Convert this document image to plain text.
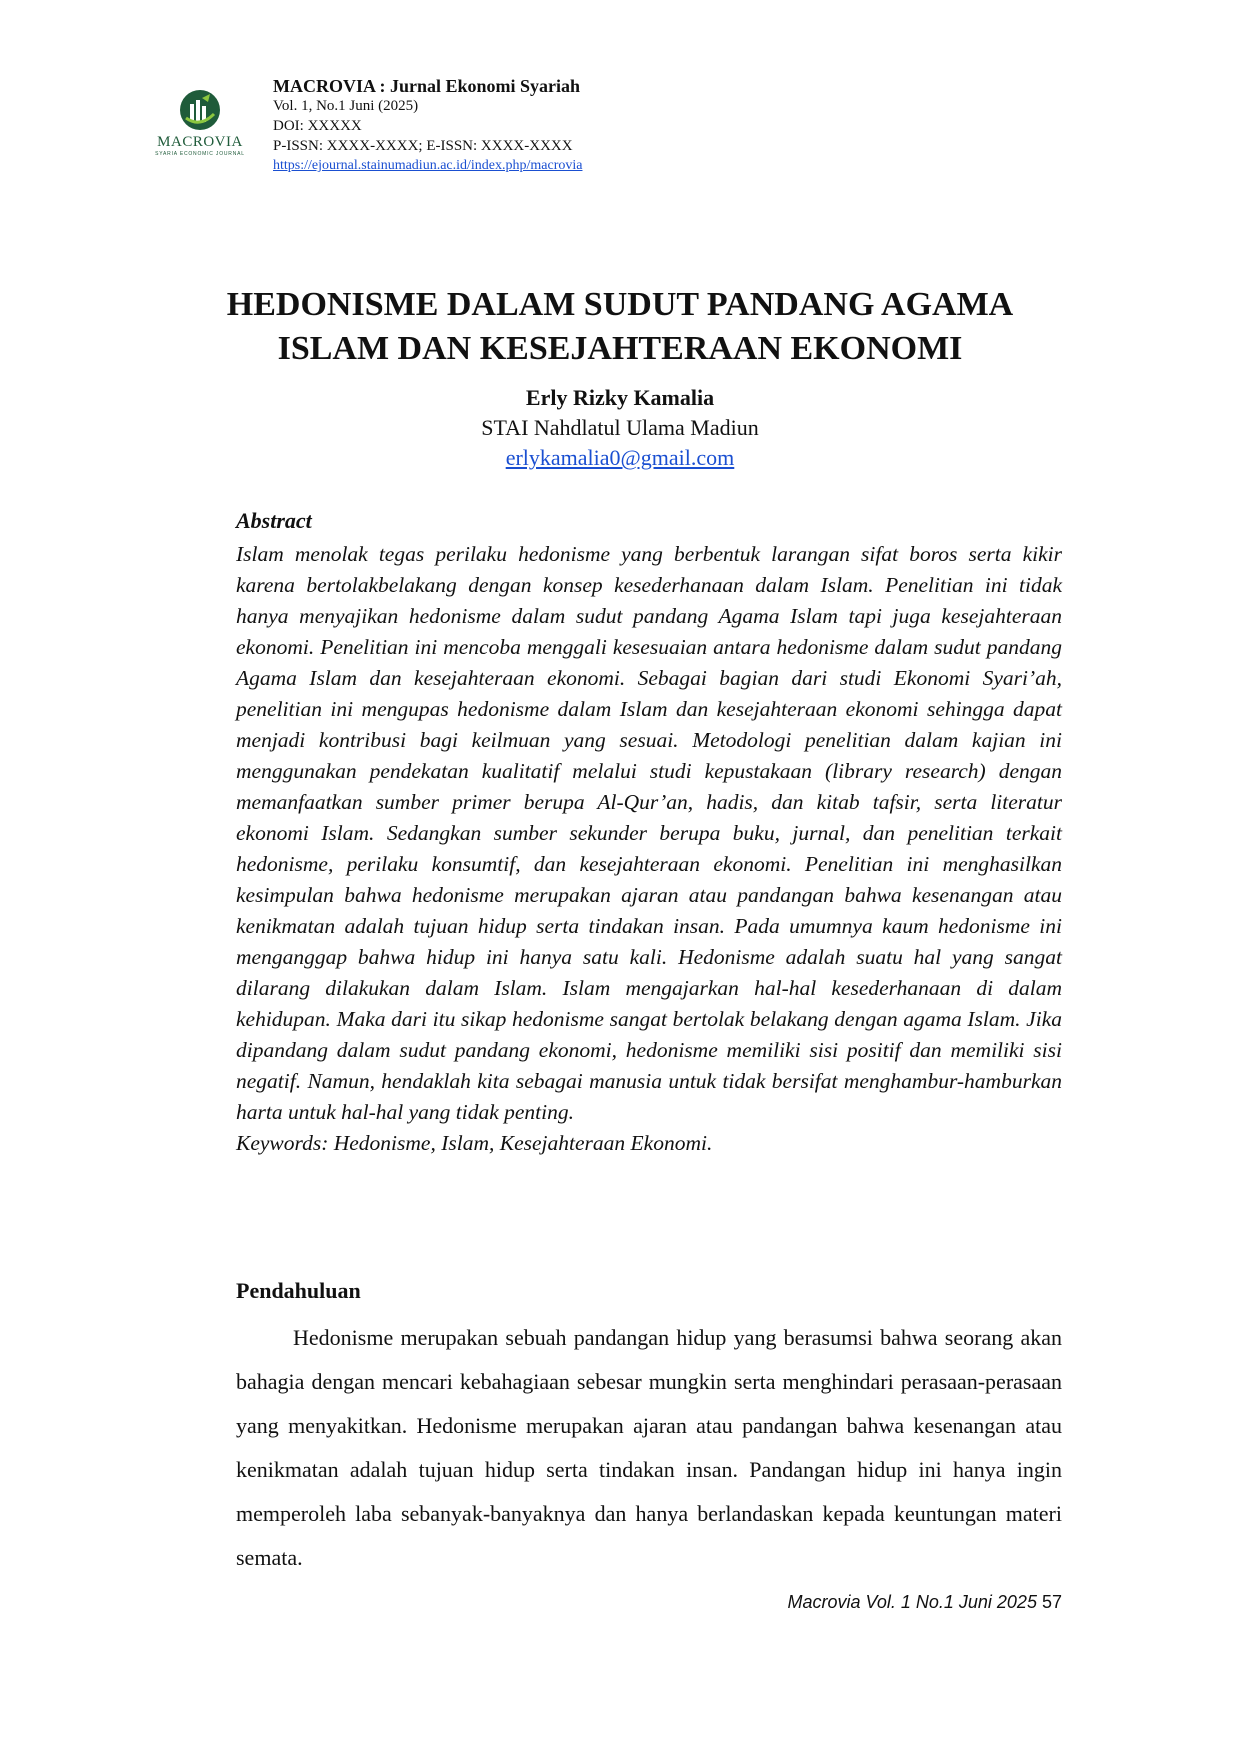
MACROVIA
SYARIA ECONOMIC JOURNAL
MACROVIA : Jurnal Ekonomi Syariah
Vol. 1, No.1 Juni (2025)
DOI: XXXXX
P-ISSN: XXXX-XXXX; E-ISSN: XXXX-XXXX
https://ejournal.stainumadiun.ac.id/index.php/macrovia
HEDONISME DALAM SUDUT PANDANG AGAMA
ISLAM DAN KESEJAHTERAAN EKONOMI
Erly Rizky Kamalia
STAI Nahdlatul Ulama Madiun
erlykamalia0@gmail.com

Abstract

Islam menolak tegas perilaku hedonisme yang berbentuk larangan sifat boros serta kikir karena bertolakbelakang dengan konsep kesederhanaan dalam Islam. Penelitian ini tidak hanya menyajikan hedonisme dalam sudut pandang Agama Islam tapi juga kesejahteraan ekonomi. Penelitian ini mencoba menggali kesesuaian antara hedonisme dalam sudut pandang Agama Islam dan kesejahteraan ekonomi. Sebagai bagian dari studi Ekonomi Syari’ah, penelitian ini mengupas hedonisme dalam Islam dan kesejahteraan ekonomi sehingga dapat menjadi kontribusi bagi keilmuan yang sesuai. Metodologi penelitian dalam kajian ini menggunakan pendekatan kualitatif melalui studi kepustakaan (library research) dengan memanfaatkan sumber primer berupa Al-Qur’an, hadis, dan kitab tafsir, serta literatur ekonomi Islam. Sedangkan sumber sekunder berupa buku, jurnal, dan penelitian terkait hedonisme, perilaku konsumtif, dan kesejahteraan ekonomi. Penelitian ini menghasilkan kesimpulan bahwa hedonisme merupakan ajaran atau pandangan bahwa kesenangan atau kenikmatan adalah tujuan hidup serta tindakan insan. Pada umumnya kaum hedonisme ini menganggap bahwa hidup ini hanya satu kali. Hedonisme adalah suatu hal yang sangat dilarang dilakukan dalam Islam. Islam mengajarkan hal-hal kesederhanaan di dalam kehidupan. Maka dari itu sikap hedonisme sangat bertolak belakang dengan agama Islam. Jika dipandang dalam sudut pandang ekonomi, hedonisme memiliki sisi positif dan memiliki sisi negatif. Namun, hendaklah kita sebagai manusia untuk tidak bersifat menghambur-hamburkan harta untuk hal-hal yang tidak penting.

Keywords: Hedonisme, Islam, Kesejahteraan Ekonomi.

Pendahuluan

Hedonisme merupakan sebuah pandangan hidup yang berasumsi bahwa seorang akan bahagia dengan mencari kebahagiaan sebesar mungkin serta menghindari perasaan-perasaan yang menyakitkan. Hedonisme merupakan ajaran atau pandangan bahwa kesenangan atau kenikmatan adalah tujuan hidup serta tindakan insan. Pandangan hidup ini hanya ingin memperoleh laba sebanyak-banyaknya dan hanya berlandaskan kepada keuntungan materi semata.

Macrovia Vol. 1 No.1 Juni 2025 57
